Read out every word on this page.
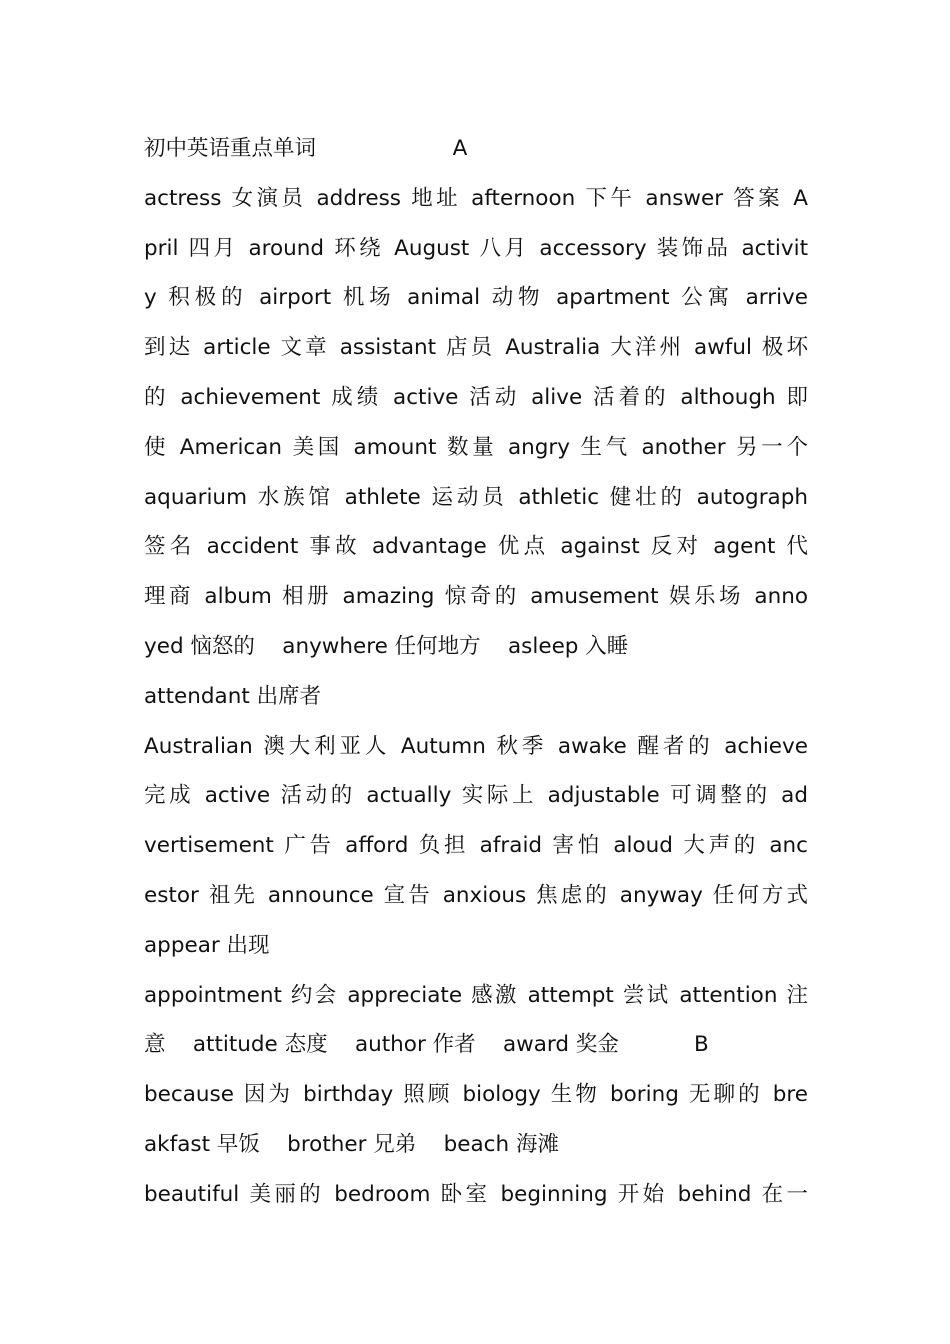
初中英语重点单词                    A
actress 女演员 address 地址 afternoon 下午 answer 答案 A
pril 四月 around 环绕 August 八月 accessory 装饰品 activit
y 积极的 airport 机场 animal 动物 apartment 公寓 arrive
到达 article 文章 assistant 店员 Australia 大洋州 awful 极坏
的 achievement 成绩 active 活动 alive 活着的 although 即
使 American 美国 amount 数量 angry 生气 another 另一个
aquarium 水族馆 athlete 运动员 athletic 健壮的 autograph
签名 accident 事故 advantage 优点 against 反对 agent 代
理商 album 相册 amazing 惊奇的 amusement 娱乐场 anno
yed 恼怒的    anywhere 任何地方    asleep 入睡
attendant 出席者
Australian 澳大利亚人 Autumn 秋季 awake 醒者的 achieve
完成 active 活动的 actually 实际上 adjustable 可调整的 ad
vertisement 广告 afford 负担 afraid 害怕 aloud 大声的 anc
estor 祖先 announce 宣告 anxious 焦虑的 anyway 任何方式
appear 出现
appointment 约会 appreciate 感激 attempt 尝试 attention 注
意    attitude 态度    author 作者    award 奖金           B
because 因为 birthday 照顾 biology 生物 boring 无聊的 bre
akfast 早饭    brother 兄弟    beach 海滩
beautiful 美丽的 bedroom 卧室 beginning 开始 behind 在一
